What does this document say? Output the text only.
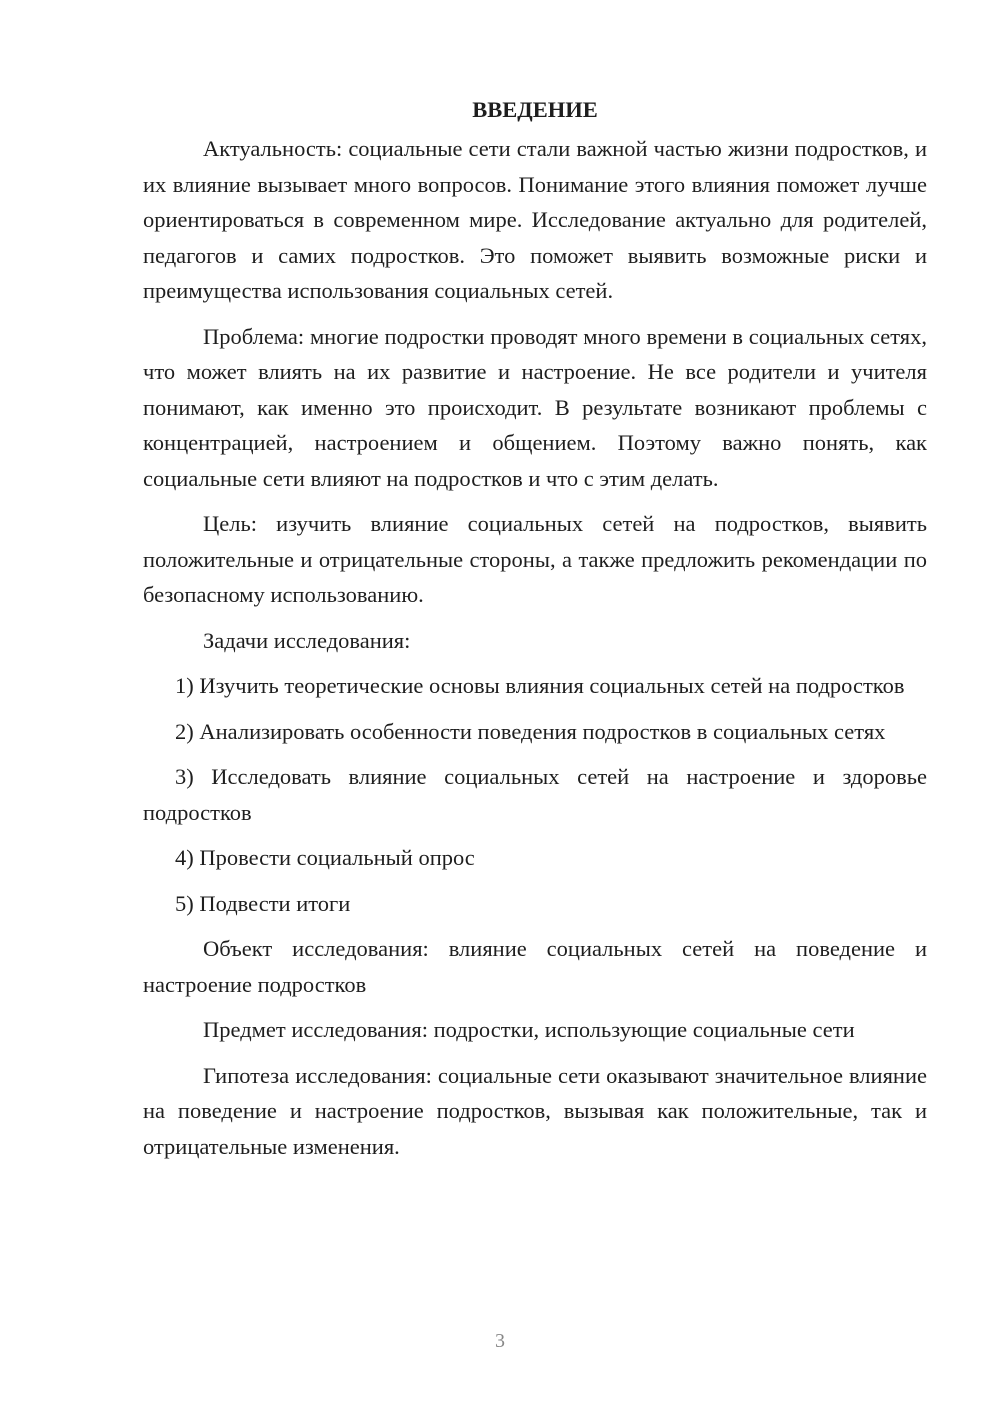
ВВЕДЕНИЕ

Актуальность: социальные сети стали важной частью жизни подростков, и их влияние вызывает много вопросов. Понимание этого влияния поможет лучше ориентироваться в современном мире. Исследование актуально для родителей, педагогов и самих подростков. Это поможет выявить возможные риски и преимущества использования социальных сетей.

Проблема: многие подростки проводят много времени в социальных сетях, что может влиять на их развитие и настроение. Не все родители и учителя понимают, как именно это происходит. В результате возникают проблемы с концентрацией, настроением и общением. Поэтому важно понять, как социальные сети влияют на подростков и что с этим делать.

Цель: изучить влияние социальных сетей на подростков, выявить положительные и отрицательные стороны, а также предложить рекомендации по безопасному использованию.

Задачи исследования:

1) Изучить теоретические основы влияния социальных сетей на подростков

2) Анализировать особенности поведения подростков в социальных сетях

3) Исследовать влияние социальных сетей на настроение и здоровье подростков

4) Провести социальный опрос

5) Подвести итоги

Объект исследования: влияние социальных сетей на поведение и настроение подростков

Предмет исследования: подростки, использующие социальные сети

Гипотеза исследования: социальные сети оказывают значительное влияние на поведение и настроение подростков, вызывая как положительные, так и отрицательные изменения.

3
